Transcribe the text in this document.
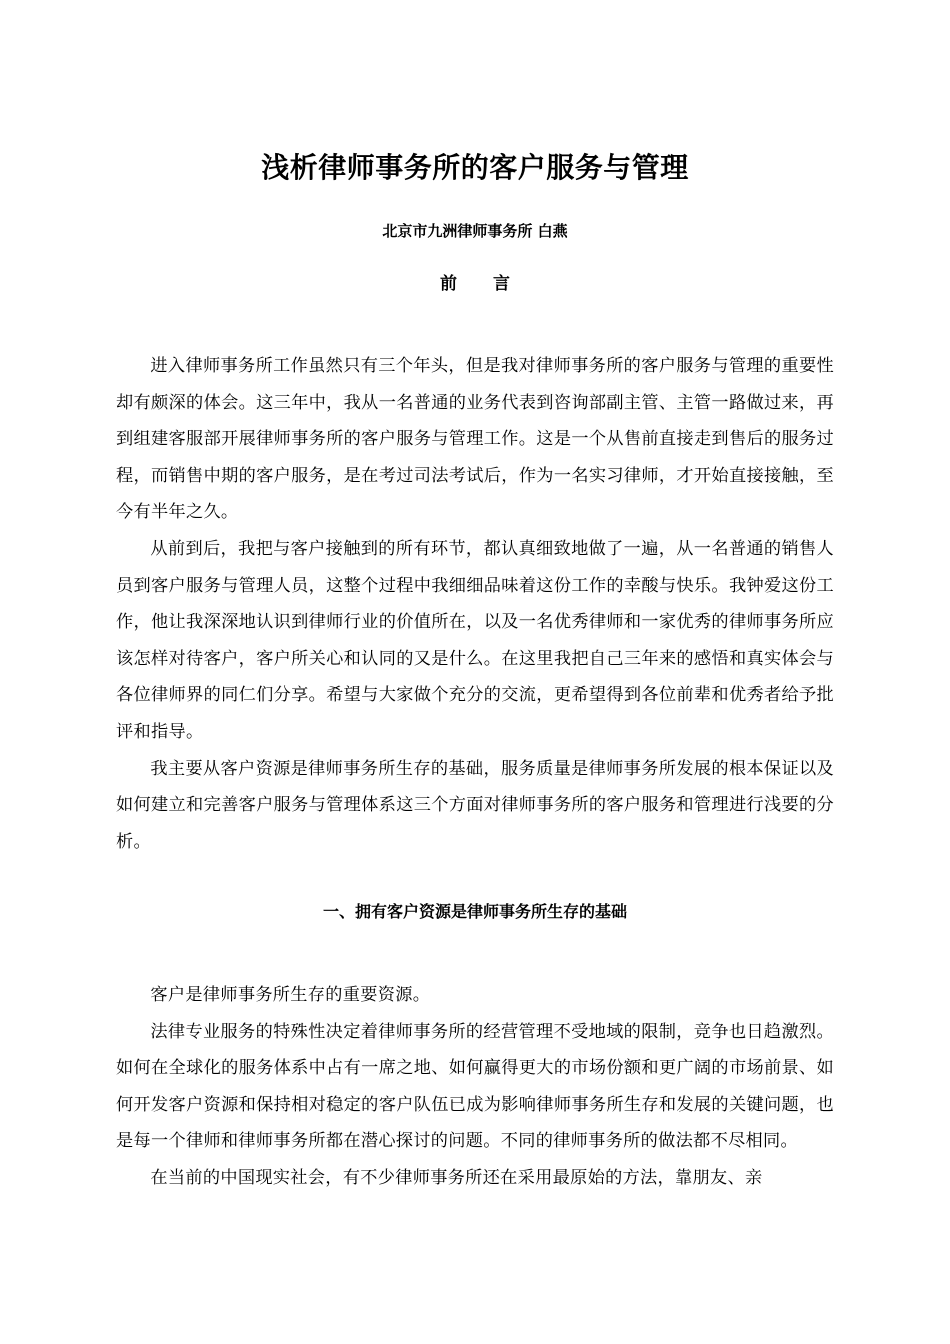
浅析律师事务所的客户服务与管理
北京市九洲律师事务所 白燕
前言

进入律师事务所工作虽然只有三个年头，但是我对律师事务所的客户服务与管理的重要性却有颇深的体会。这三年中，我从一名普通的业务代表到咨询部副主管、主管一路做过来，再到组建客服部开展律师事务所的客户服务与管理工作。这是一个从售前直接走到售后的服务过程，而销售中期的客户服务，是在考过司法考试后，作为一名实习律师，才开始直接接触，至今有半年之久。

从前到后，我把与客户接触到的所有环节，都认真细致地做了一遍，从一名普通的销售人员到客户服务与管理人员，这整个过程中我细细品味着这份工作的幸酸与快乐。我钟爱这份工作，他让我深深地认识到律师行业的价值所在，以及一名优秀律师和一家优秀的律师事务所应该怎样对待客户，客户所关心和认同的又是什么。在这里我把自己三年来的感悟和真实体会与各位律师界的同仁们分享。希望与大家做个充分的交流，更希望得到各位前辈和优秀者给予批评和指导。

我主要从客户资源是律师事务所生存的基础，服务质量是律师事务所发展的根本保证以及如何建立和完善客户服务与管理体系这三个方面对律师事务所的客户服务和管理进行浅要的分析。

一、拥有客户资源是律师事务所生存的基础

客户是律师事务所生存的重要资源。

法律专业服务的特殊性决定着律师事务所的经营管理不受地域的限制，竞争也日趋激烈。如何在全球化的服务体系中占有一席之地、如何赢得更大的市场份额和更广阔的市场前景、如何开发客户资源和保持相对稳定的客户队伍已成为影响律师事务所生存和发展的关键问题，也是每一个律师和律师事务所都在潜心探讨的问题。不同的律师事务所的做法都不尽相同。

在当前的中国现实社会，有不少律师事务所还在采用最原始的方法，靠朋友、亲
